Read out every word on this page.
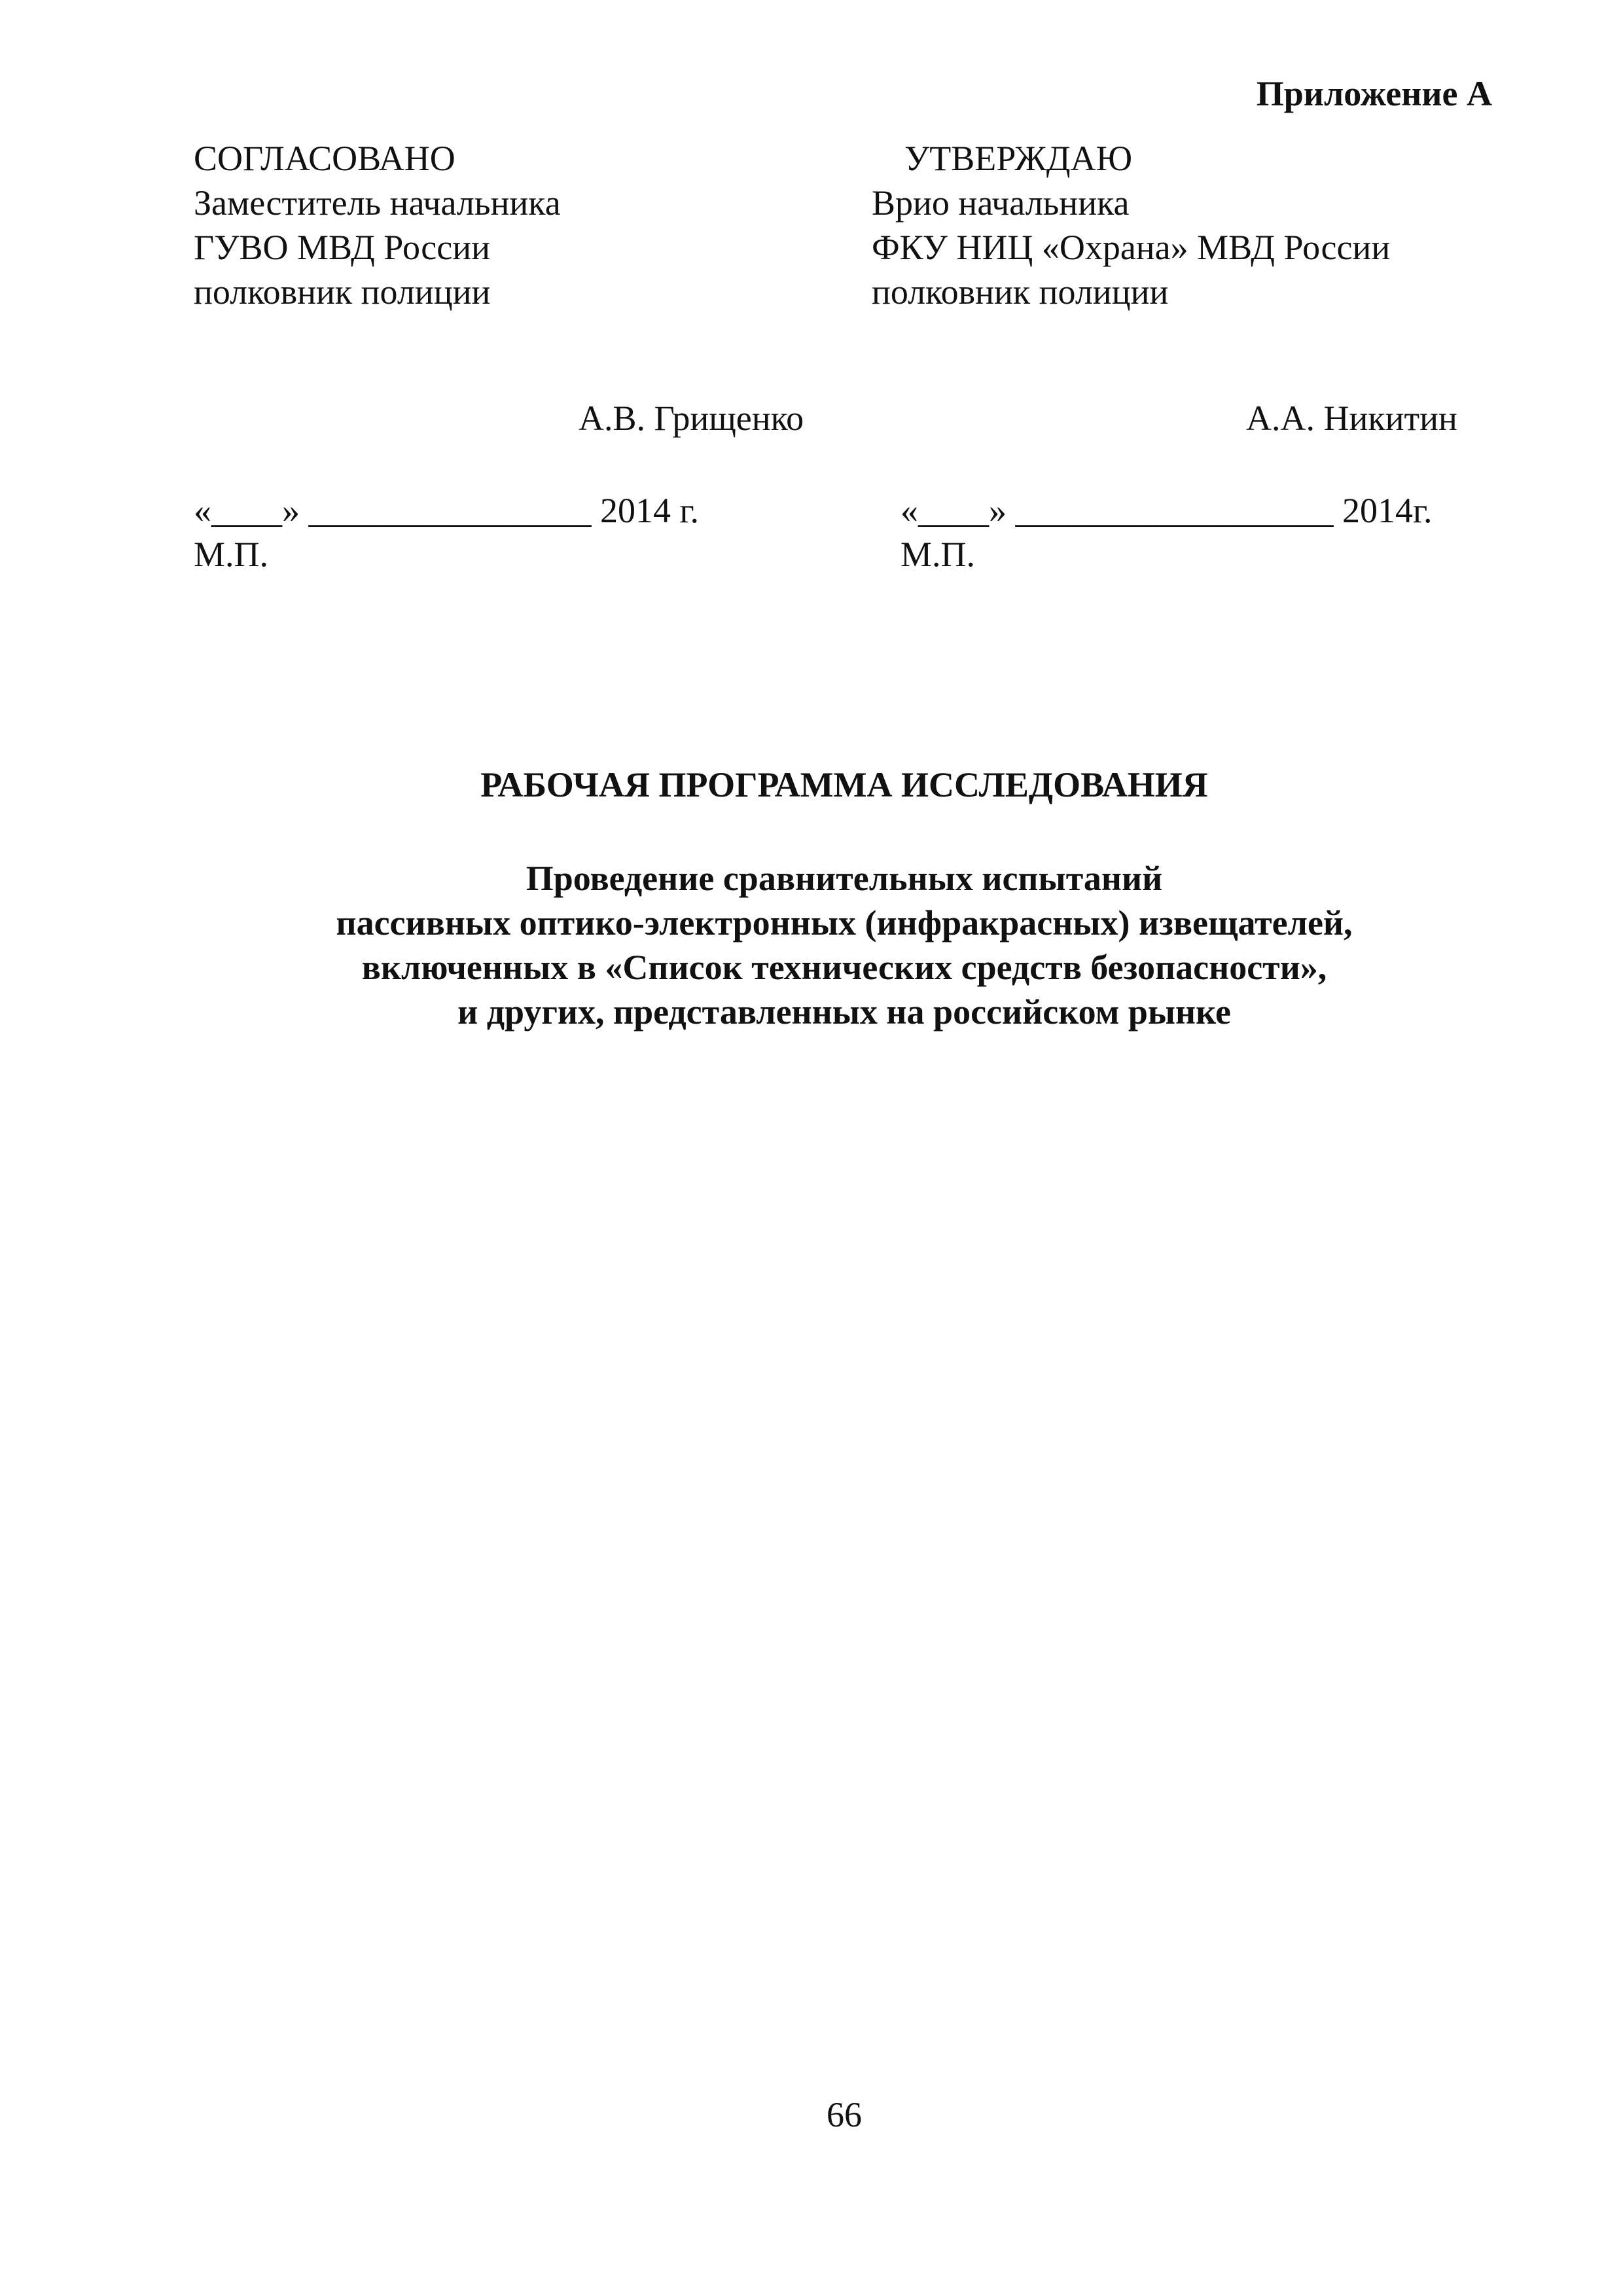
Приложение А
СОГЛАСОВАНО
Заместитель начальника
ГУВО МВД России
полковник полиции
УТВЕРЖДАЮ
Врио начальника
ФКУ НИЦ «Охрана» МВД России
полковник полиции
А.В. Грищенко	А.А. Никитин
«____» ________________ 2014 г.	«____» __________________ 2014г.
М.П.	М.П.
РАБОЧАЯ ПРОГРАММА ИССЛЕДОВАНИЯ
Проведение сравнительных испытаний
пассивных оптико-электронных (инфракрасных) извещателей,
включенных в «Список технических средств безопасности»,
и других, представленных на российском рынке
66
